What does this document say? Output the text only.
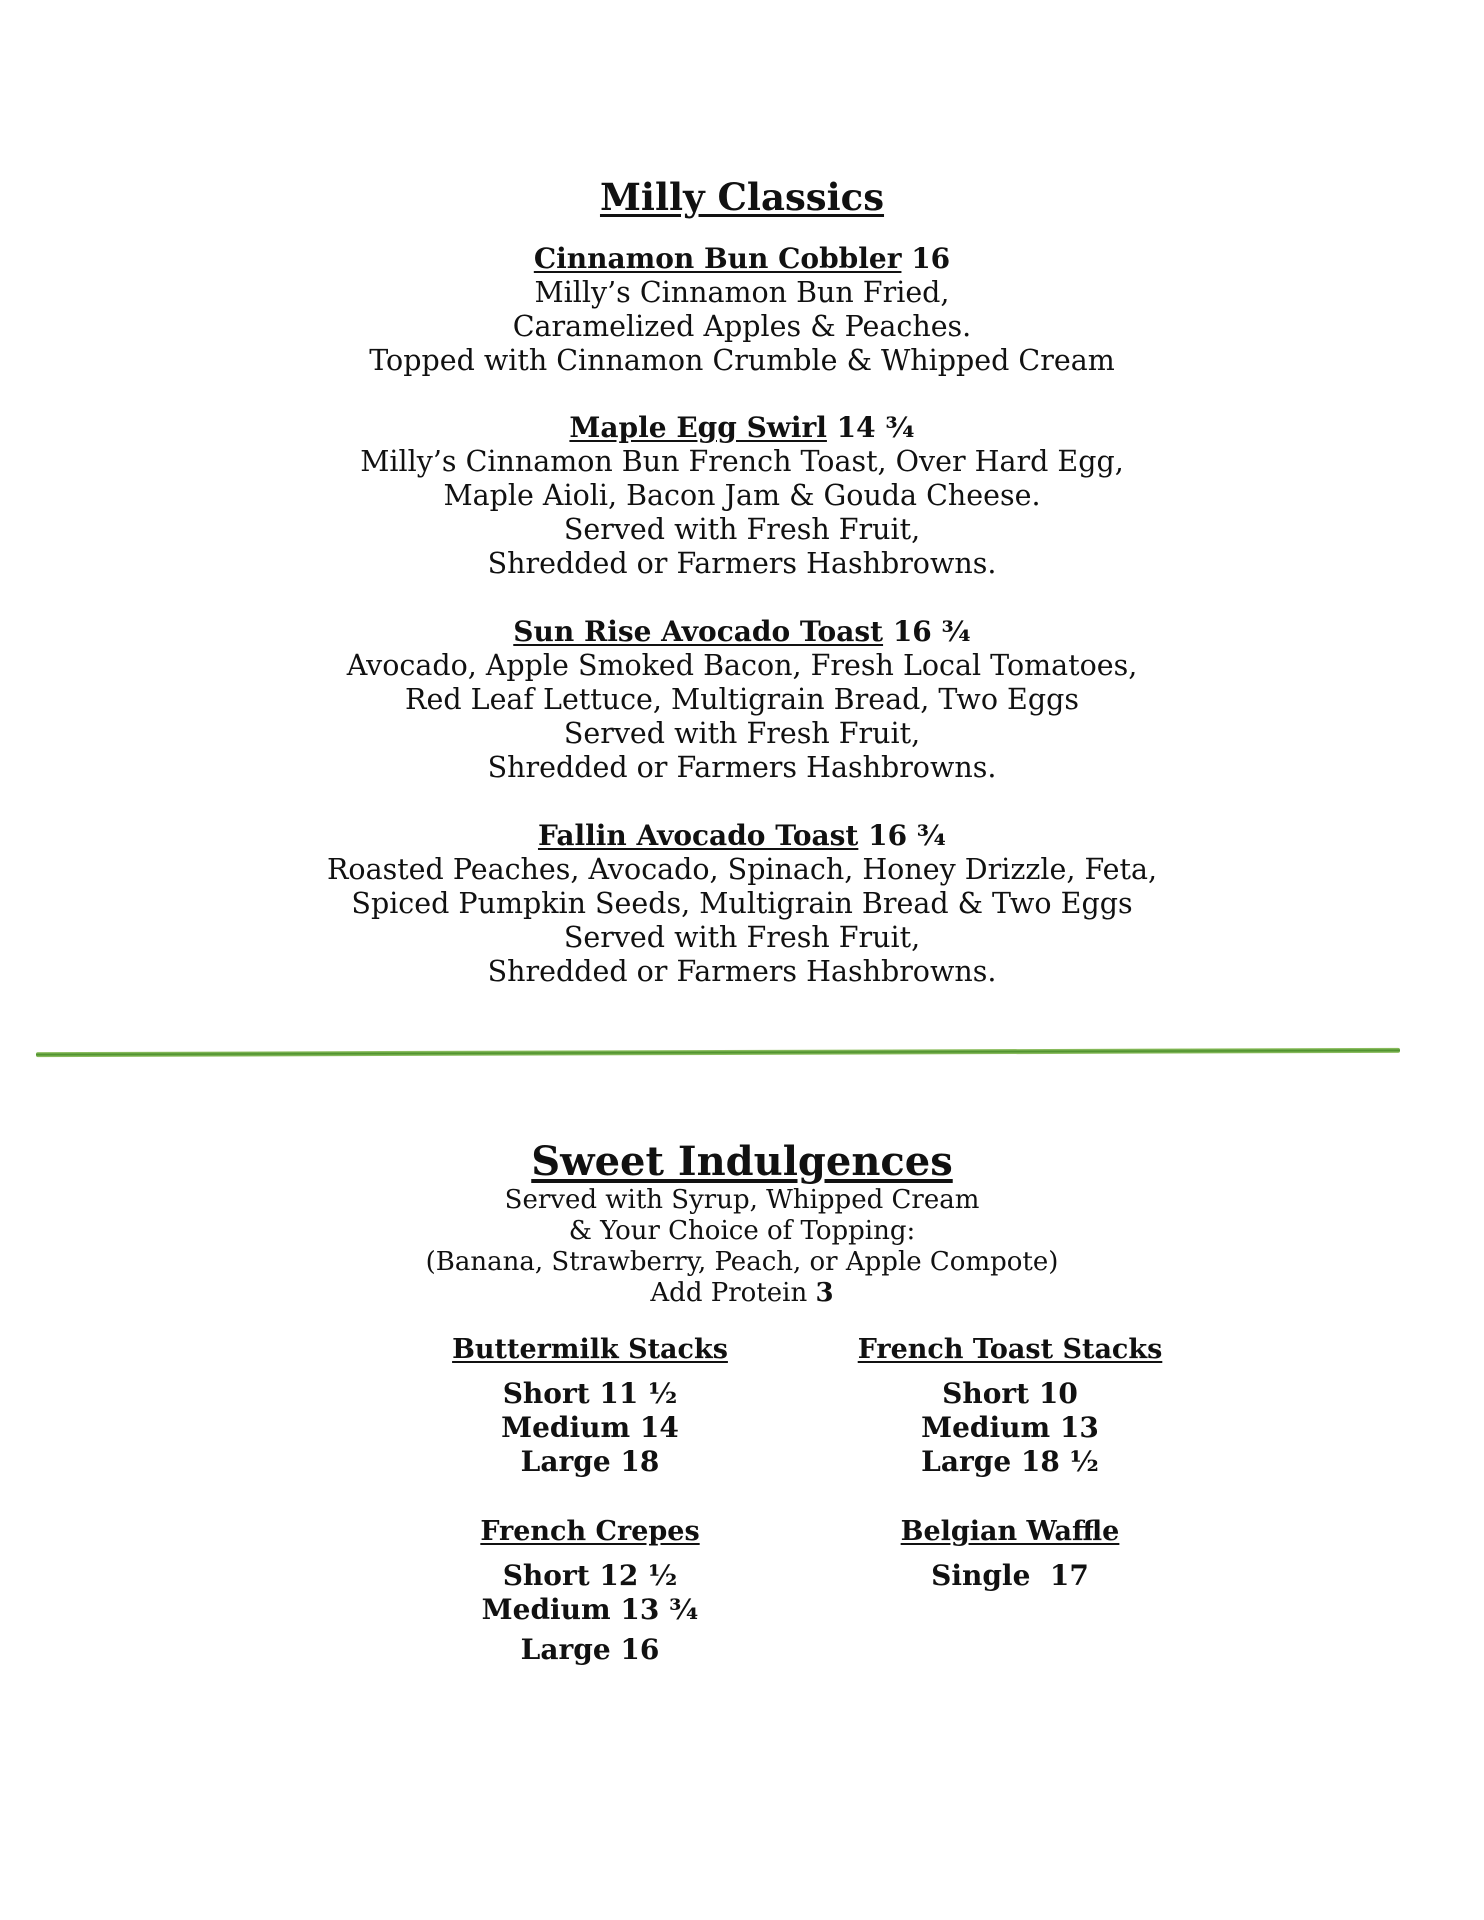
Milly Classics
Cinnamon Bun Cobbler 16
Milly’s Cinnamon Bun Fried,
Caramelized Apples & Peaches.
Topped with Cinnamon Crumble & Whipped Cream
Maple Egg Swirl 14 ¾
Milly’s Cinnamon Bun French Toast, Over Hard Egg,
Maple Aioli, Bacon Jam & Gouda Cheese.
Served with Fresh Fruit,
Shredded or Farmers Hashbrowns.
Sun Rise Avocado Toast 16 ¾
Avocado, Apple Smoked Bacon, Fresh Local Tomatoes,
Red Leaf Lettuce, Multigrain Bread, Two Eggs
Served with Fresh Fruit,
Shredded or Farmers Hashbrowns.
Fallin Avocado Toast 16 ¾
Roasted Peaches, Avocado, Spinach, Honey Drizzle, Feta,
Spiced Pumpkin Seeds, Multigrain Bread & Two Eggs
Served with Fresh Fruit,
Shredded or Farmers Hashbrowns.
Sweet Indulgences
Served with Syrup, Whipped Cream
& Your Choice of Topping:
(Banana, Strawberry, Peach, or Apple Compote)
Add Protein 3
Buttermilk Stacks
Short 11 ½
Medium 14
Large 18
French Toast Stacks
Short 10
Medium 13
Large 18 ½
French Crepes
Short 12 ½
Medium 13 ¾
Large 16
Belgian Waffle
Single  17
